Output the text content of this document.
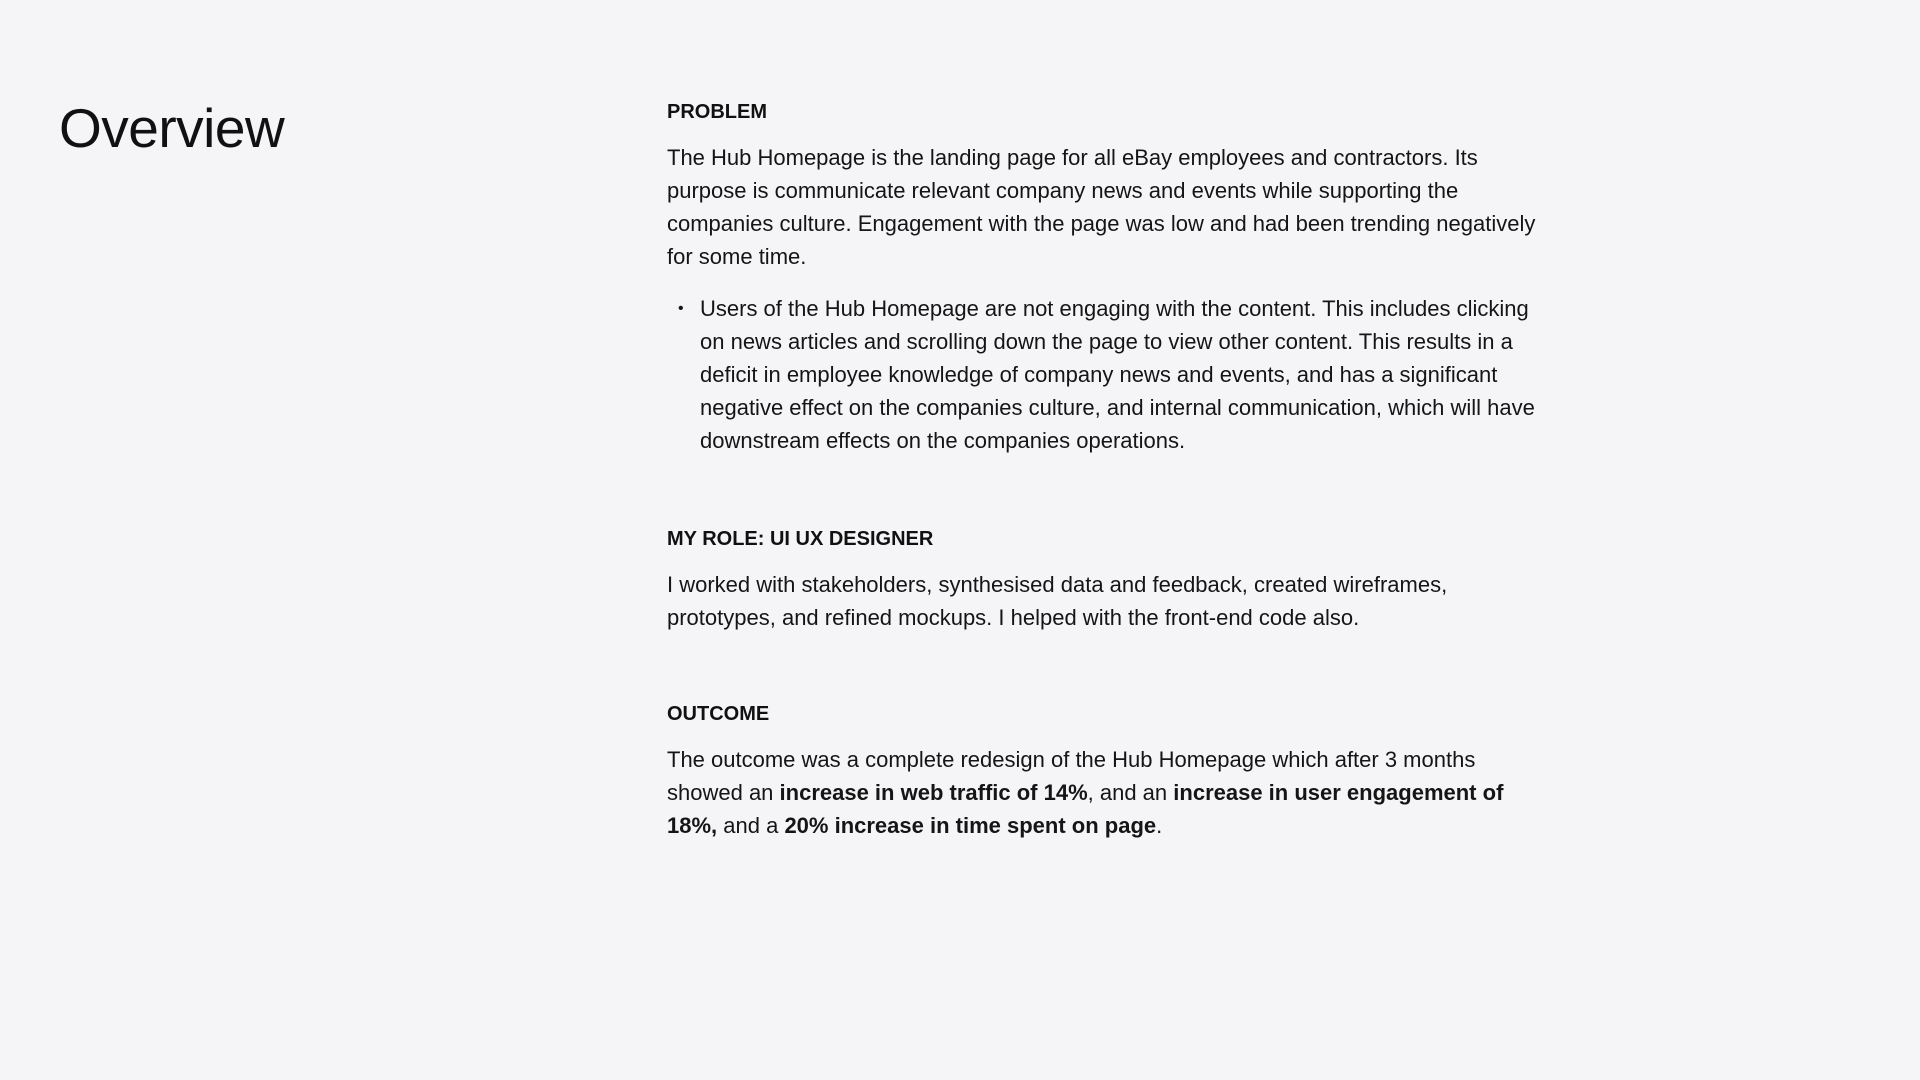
Overview	PROBLEM

The Hub Homepage is the landing page for all eBay employees and contractors. Its purpose is communicate relevant company news and events while supporting the companies culture. Engagement with the page was low and had been trending negatively for some time.

• Users of the Hub Homepage are not engaging with the content. This includes clicking on news articles and scrolling down the page to view other content. This results in a deficit in employee knowledge of company news and events, and has a significant negative effect on the companies culture, and internal communication, which will have downstream effects on the companies operations.
MY ROLE: UI UX DESIGNER

I worked with stakeholders, synthesised data and feedback, created wireframes, prototypes, and refined mockups. I helped with the front-end code also.

OUTCOME

The outcome was a complete redesign of the Hub Homepage which after 3 months showed an increase in web traffic of 14%, and an increase in user engagement of 18%, and a 20% increase in time spent on page.
